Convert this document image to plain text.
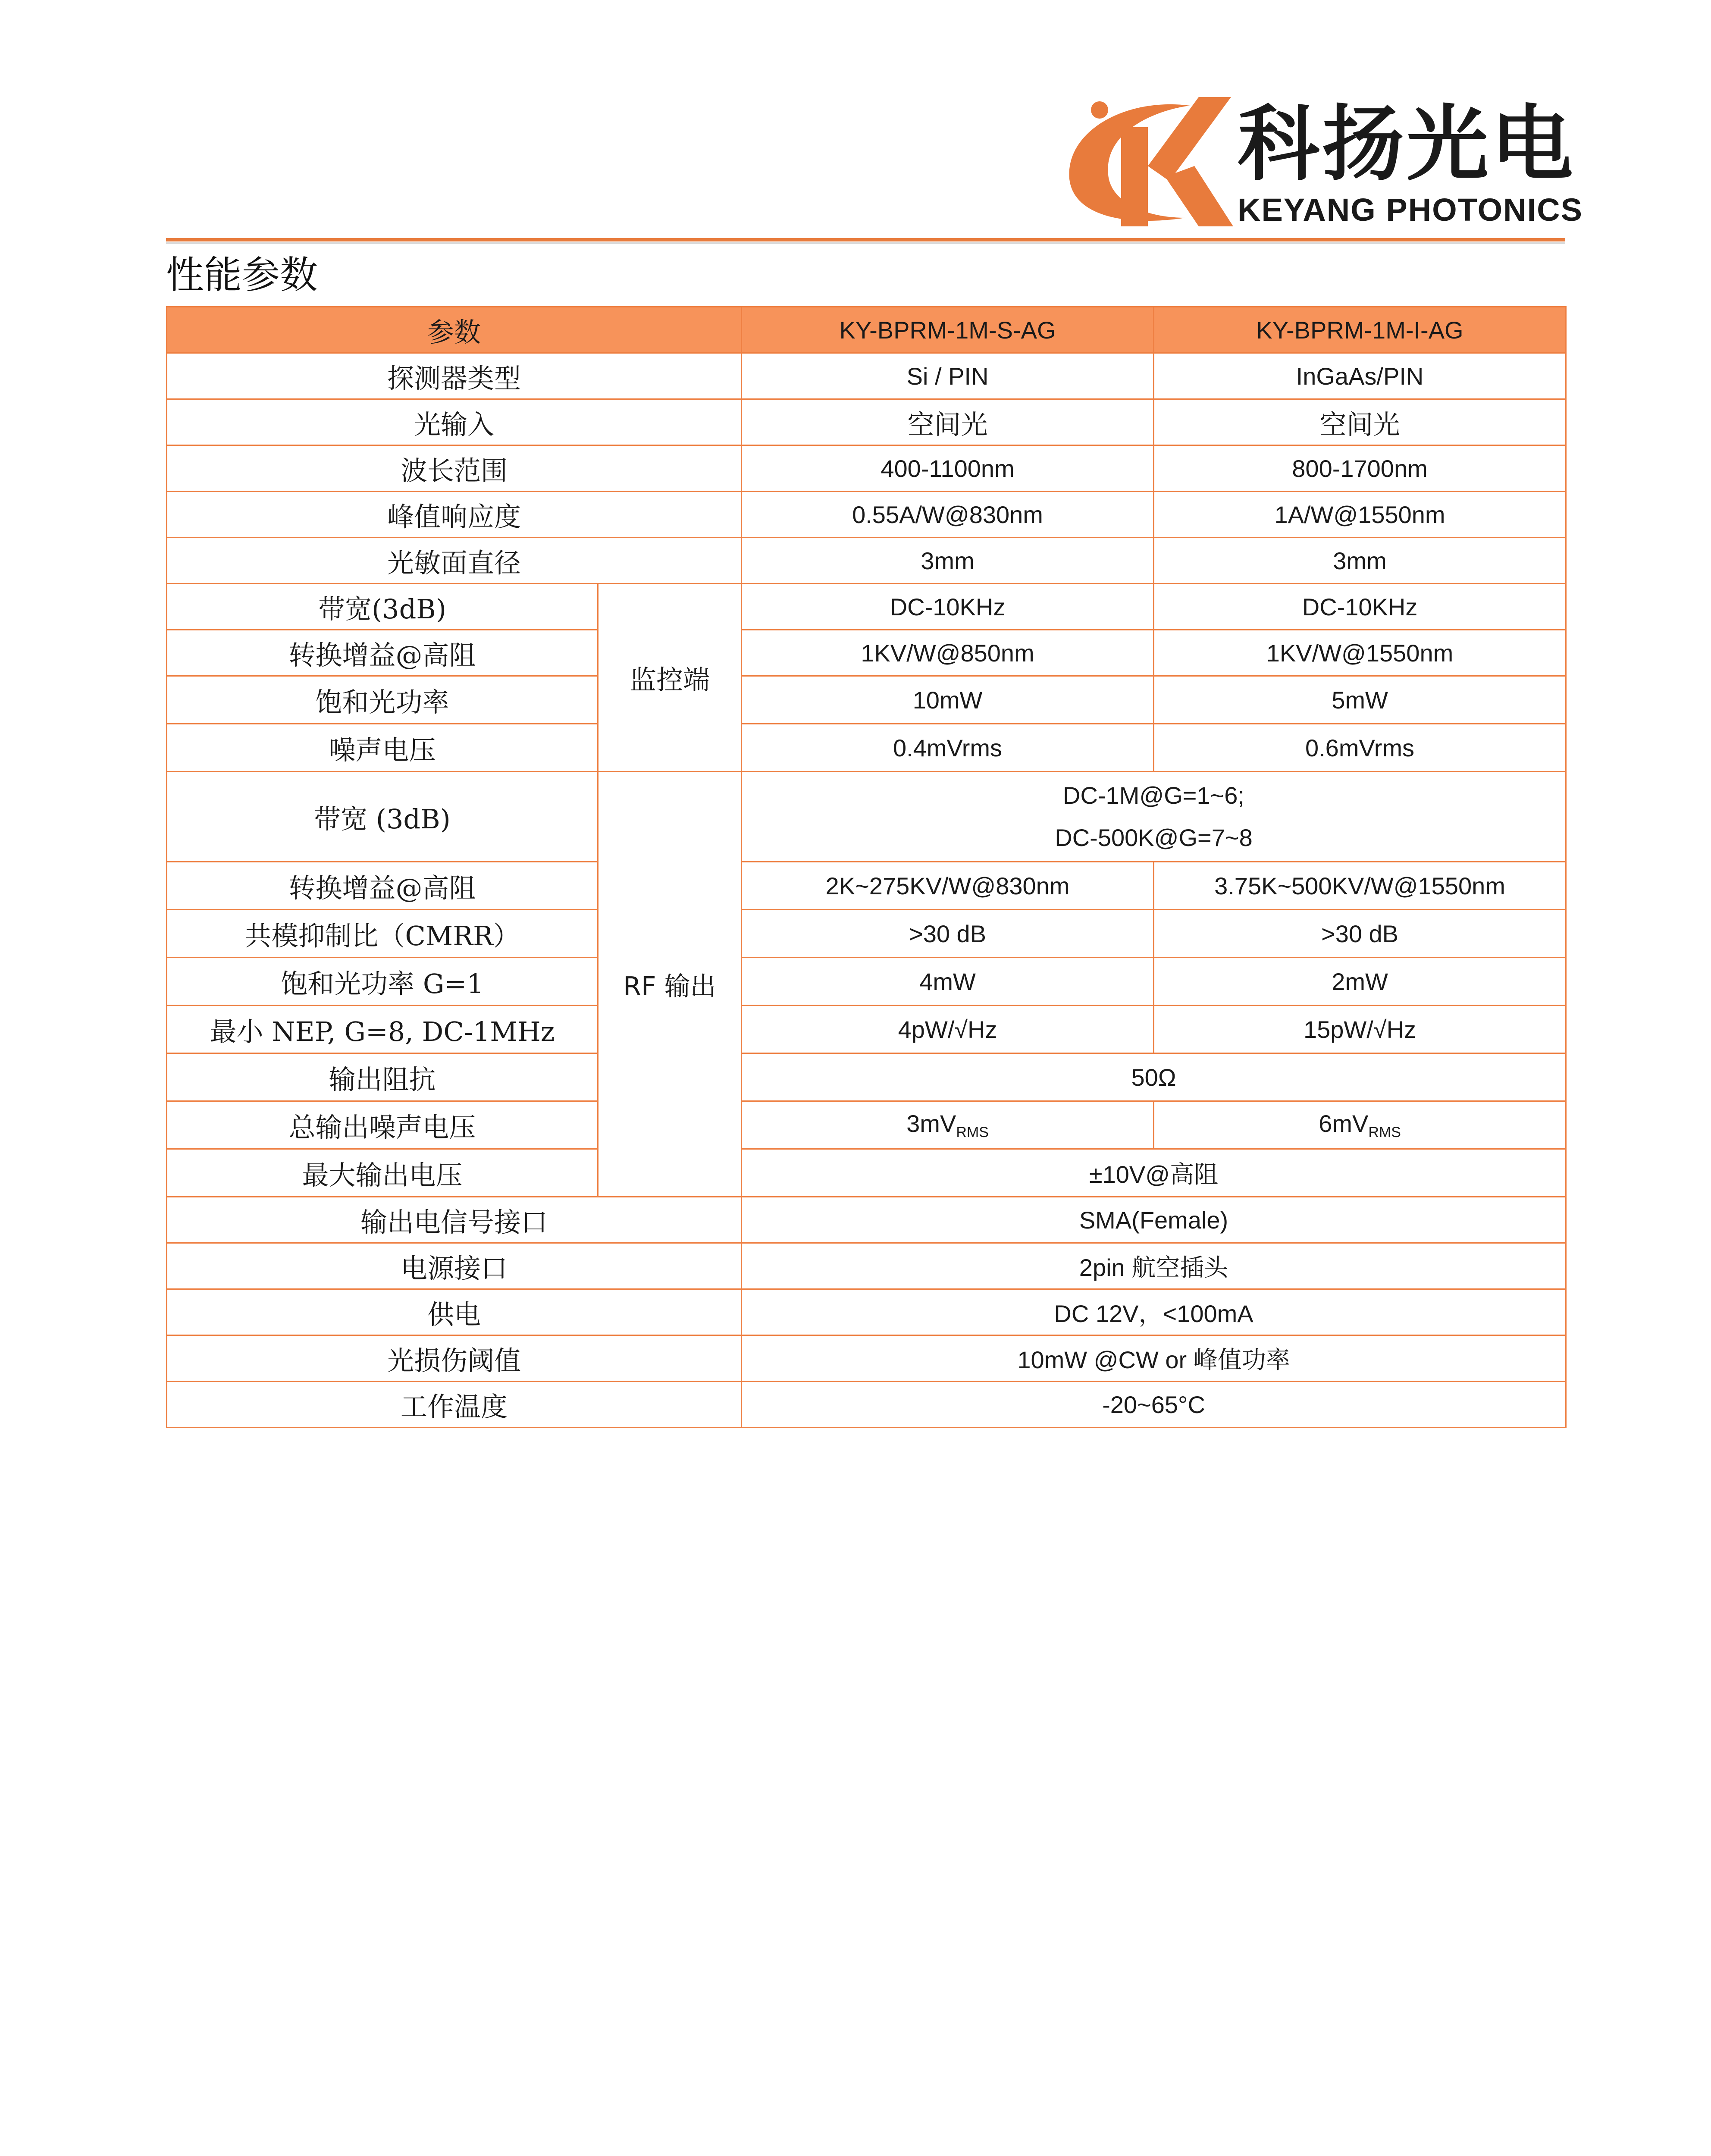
科扬光电
KEYANG PHOTONICS
性能参数
参数		KY-BPRM-1M-S-AG	KY-BPRM-1M-I-AG
探测器类型		Si / PIN	InGaAs/PIN
光输入		空间光	空间光
波长范围		400-1100nm	800-1700nm
峰值响应度		0.55A/W@830nm	1A/W@1550nm
光敏面直径		3mm	3mm
带宽(3dB)	监控端	DC-10KHz	DC-10KHz
转换增益@高阻		1KV/W@850nm	1KV/W@1550nm
饱和光功率		10mW	5mW
噪声电压		0.4mVrms	0.6mVrms
带宽 (3dB)	RF 输出	DC-1M@G=1~6;
DC-500K@G=7~8	

转换增益@高阻		2K~275KV/W@830nm	3.75K~500KV/W@1550nm
共模抑制比（CMRR）		>30 dB	>30 dB
饱和光功率 G=1		4mW	2mW
最小 NEP, G=8, DC-1MHz		4pW/√Hz	15pW/√Hz
输出阻抗		50Ω	
总输出噪声电压		$3mV_{RMS}$	$6mV_{RMS}$
最大输出电压		±10V@高阻	
输出电信号接口		SMA(Female)	
电源接口		2pin 航空插头	
供电		DC 12V，<100mA	
光损伤阈值		10mW @CW or 峰值功率	
工作温度		-20~65°C	
